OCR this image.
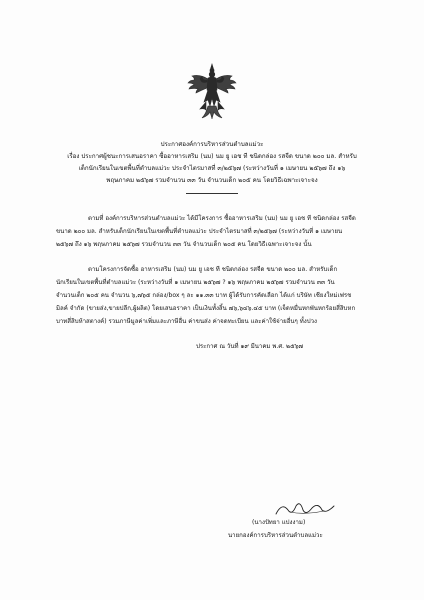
ประกาศองค์การบริหารส่วนตำบลแม่วะ
เรื่อง ประกาศผู้ชนะการเสนอราคา ซื้ออาหารเสริม (นม) นม ยู เอช ที ชนิดกล่อง รสจืด ขนาด ๒๐๐ มล. สำหรับ
เด็กนักเรียนในเขตพื้นที่ตำบลแม่วะ ประจำไตรมาสที่ ๓/๒๕๖๗ (ระหว่างวันที่ ๑ เมษายน ๒๕๖๗ ถึง ๑๖
พฤษภาคม ๒๕๖๗ รวมจำนวน ๓๓ วัน จำนวนเด็ก ๒๐๕ คน โดยวิธีเฉพาะเจาะจง
ตามที่ องค์การบริหารส่วนตำบลแม่วะ ได้มีโครงการ ซื้ออาหารเสริม (นม) นม ยู เอช ที ชนิดกล่อง รสจืด
ขนาด ๒๐๐ มล. สำหรับเด็กนักเรียนในเขตพื้นที่ตำบลแม่วะ ประจำไตรมาสที่ ๓/๒๕๖๗ (ระหว่างวันที่ ๑ เมษายน
๒๕๖๗ ถึง ๑๖ พฤษภาคม ๒๕๖๗ รวมจำนวน ๓๓ วัน จำนวนเด็ก ๒๐๕ คน โดยวิธีเฉพาะเจาะจง นั้น
ตามโครงการจัดซื้อ อาหารเสริม (นม) นม ยู เอช ที ชนิดกล่อง รสจืด ขนาด ๒๐๐ มล. สำหรับเด็ก
นักเรียนในเขตพื้นที่ตำบลแม่วะ (ระหว่างวันที่ ๑ เมษายน ๒๕๖๗ ? ๑๖ พฤษภาคม ๒๕๖๗ รวมจำนวน ๓๓ วัน
จำนวนเด็ก ๒๐๕ คน จำนวน ๖,๗๖๕ กล่อง/box ๆ ละ ๑๑.๓๓ บาท ผู้ได้รับการคัดเลือก ได้แก่ บริษัท เชียงใหม่เฟรช
มิลค์ จำกัด (ขายส่ง,ขายปลีก,ผู้ผลิต) โดยเสนอราคา เป็นเงินทั้งสิ้น ๗๖,๖๔๖.๔๕ บาท (เจ็ดหมื่นหกพันหกร้อยสี่สิบหก
บาทสี่สิบห้าสตางค์) รวมภาษีมูลค่าเพิ่มและภาษีอื่น ค่าขนส่ง ค่าจดทะเบียน และค่าใช้จ่ายอื่นๆ ทั้งปวง
ประกาศ ณ วันที่ ๑๙ มีนาคม พ.ศ. ๒๕๖๗
(นางปัทยา แปงงาม)
นายกองค์การบริหารส่วนตำบลแม่วะ
